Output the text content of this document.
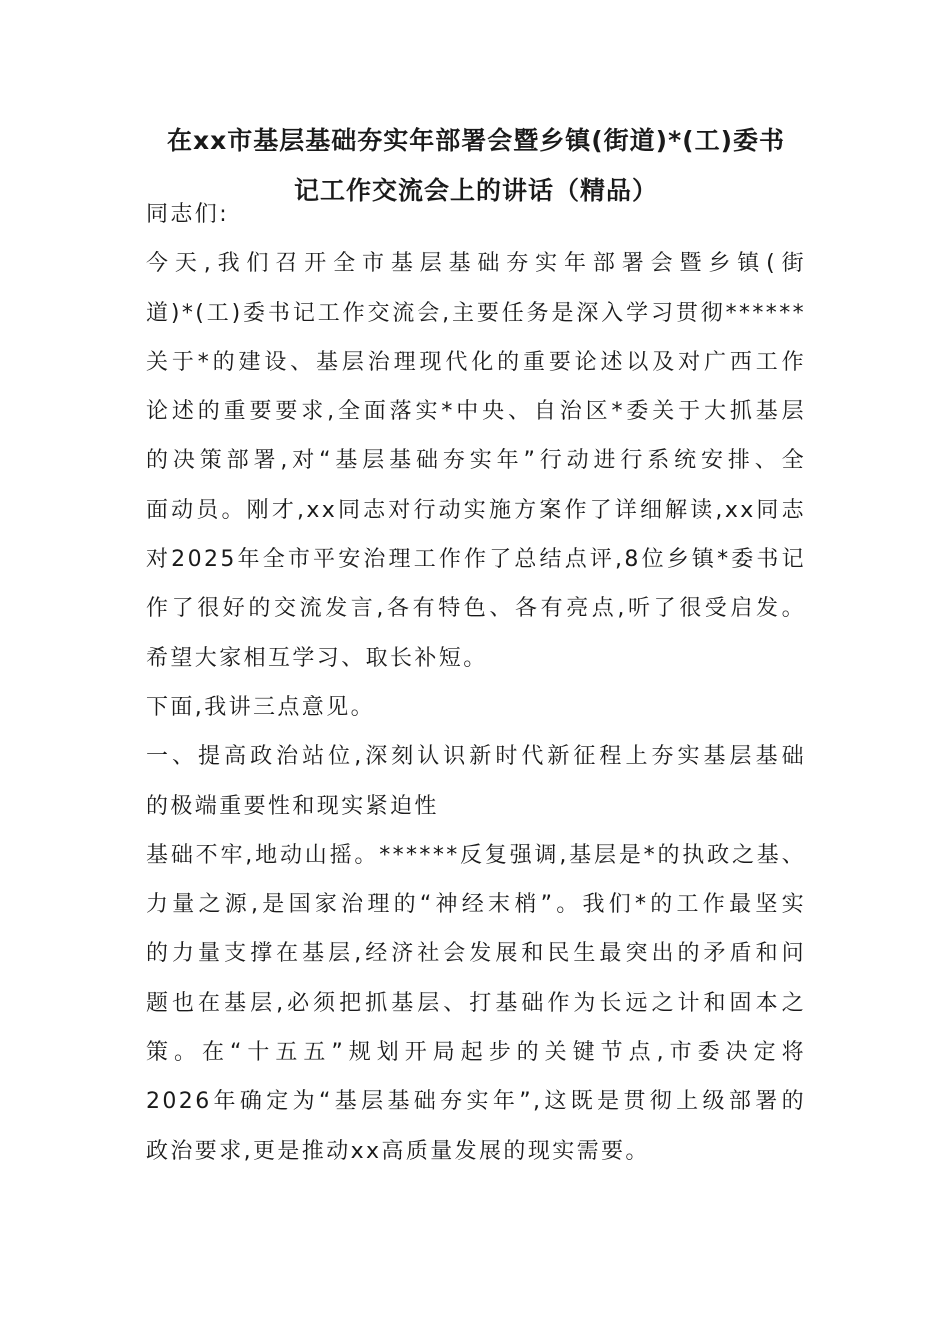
在xx市基层基础夯实年部署会暨乡镇(街道)*(工)委书
记工作交流会上的讲话（精品）
同志们:
今天,我们召开全市基层基础夯实年部署会暨乡镇(街
道)*(工)委书记工作交流会,主要任务是深入学习贯彻******
关于*的建设、基层治理现代化的重要论述以及对广西工作
论述的重要要求,全面落实*中央、自治区*委关于大抓基层
的决策部署,对“基层基础夯实年”行动进行系统安排、全
面动员。刚才,xx同志对行动实施方案作了详细解读,xx同志
对2025年全市平安治理工作作了总结点评,8位乡镇*委书记
作了很好的交流发言,各有特色、各有亮点,听了很受启发。
希望大家相互学习、取长补短。
下面,我讲三点意见。
一、提高政治站位,深刻认识新时代新征程上夯实基层基础
的极端重要性和现实紧迫性
基础不牢,地动山摇。******反复强调,基层是*的执政之基、
力量之源,是国家治理的“神经末梢”。我们*的工作最坚实
的力量支撑在基层,经济社会发展和民生最突出的矛盾和问
题也在基层,必须把抓基层、打基础作为长远之计和固本之
策。在“十五五”规划开局起步的关键节点,市委决定将
2026年确定为“基层基础夯实年”,这既是贯彻上级部署的
政治要求,更是推动xx高质量发展的现实需要。
